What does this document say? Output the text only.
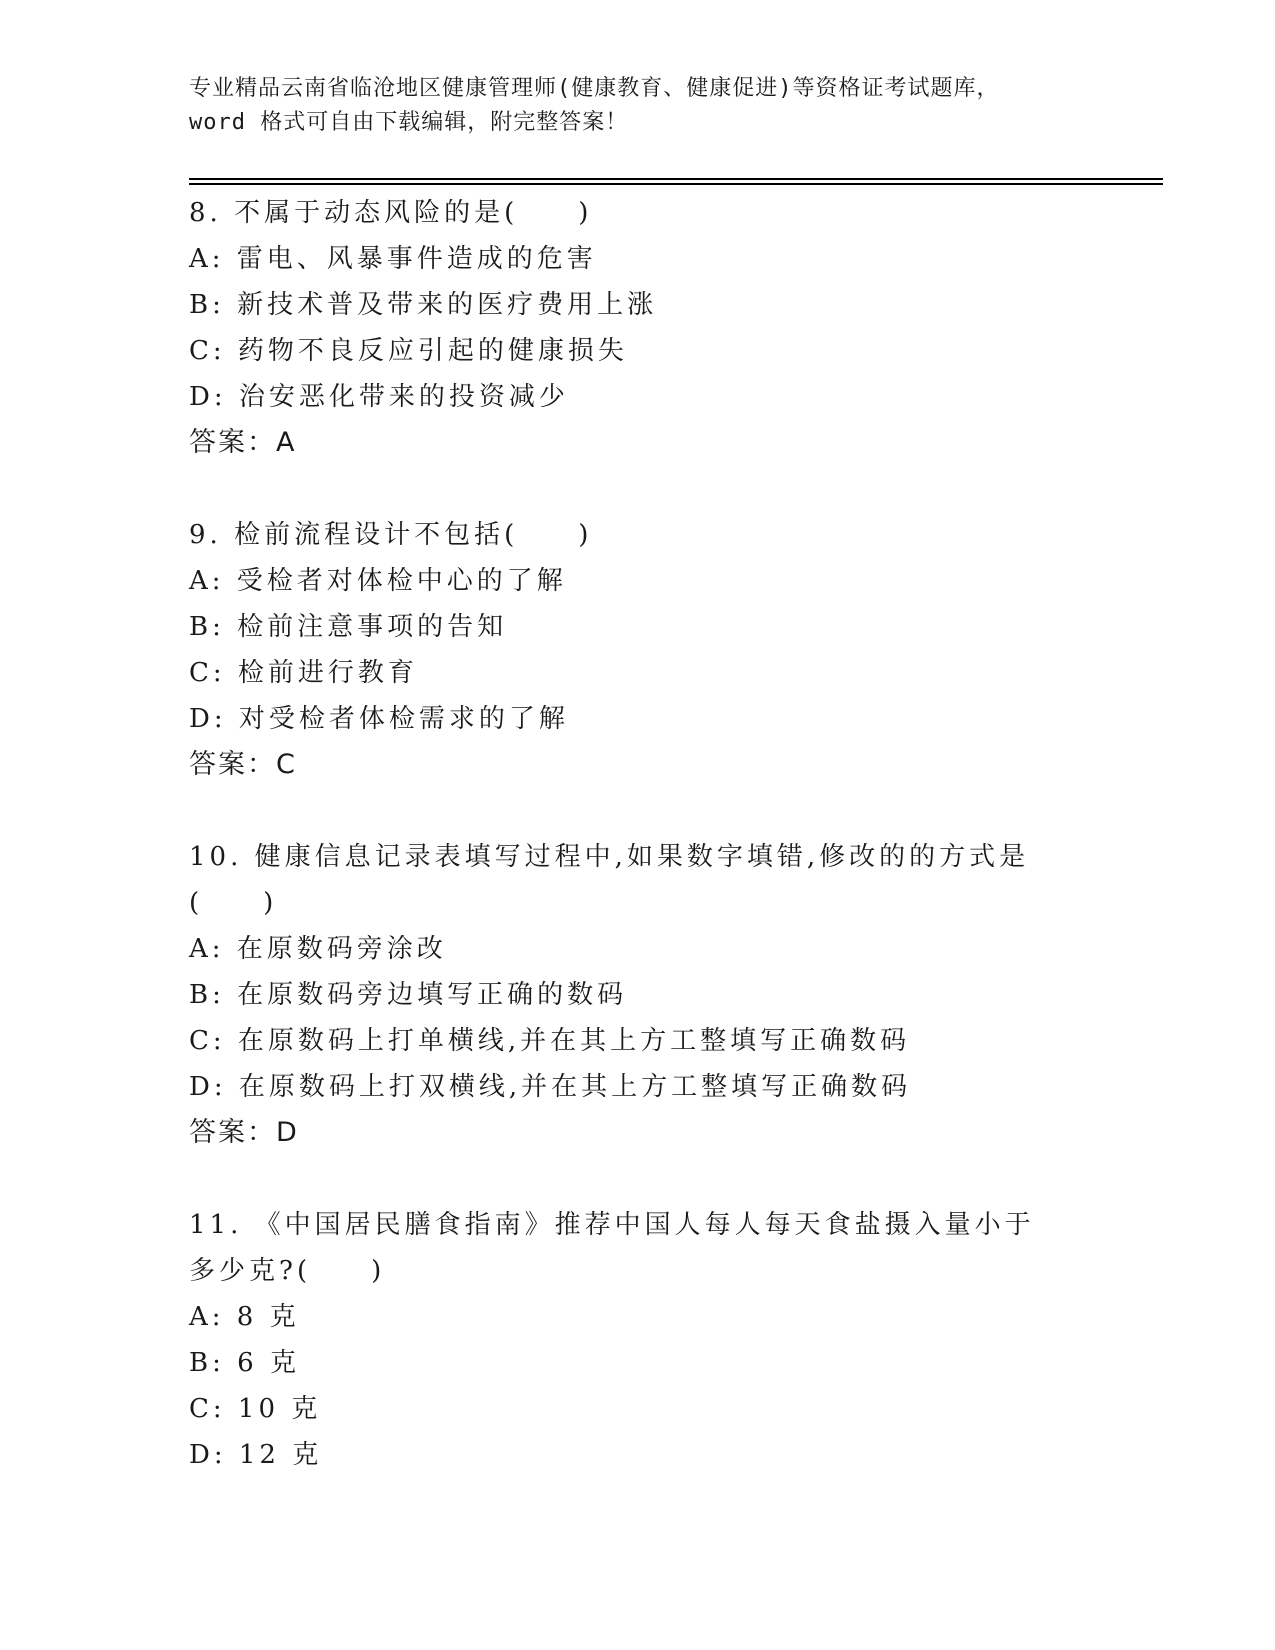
专业精品云南省临沧地区健康管理师(健康教育、健康促进)等资格证考试题库，
word 格式可自由下载编辑，附完整答案！
8. 不属于动态风险的是(　　)
A: 雷电、风暴事件造成的危害
B: 新技术普及带来的医疗费用上涨
C: 药物不良反应引起的健康损失
D: 治安恶化带来的投资减少
答案：A
9. 检前流程设计不包括(　　)
A: 受检者对体检中心的了解
B: 检前注意事项的告知
C: 检前进行教育
D: 对受检者体检需求的了解
答案：C
10. 健康信息记录表填写过程中,如果数字填错,修改的的方式是(　　)
A: 在原数码旁涂改
B: 在原数码旁边填写正确的数码
C: 在原数码上打单横线,并在其上方工整填写正确数码
D: 在原数码上打双横线,并在其上方工整填写正确数码
答案：D
11. 《中国居民膳食指南》推荐中国人每人每天食盐摄入量小于多少克?(　　)
A: 8 克
B: 6 克
C: 10 克
D: 12 克
